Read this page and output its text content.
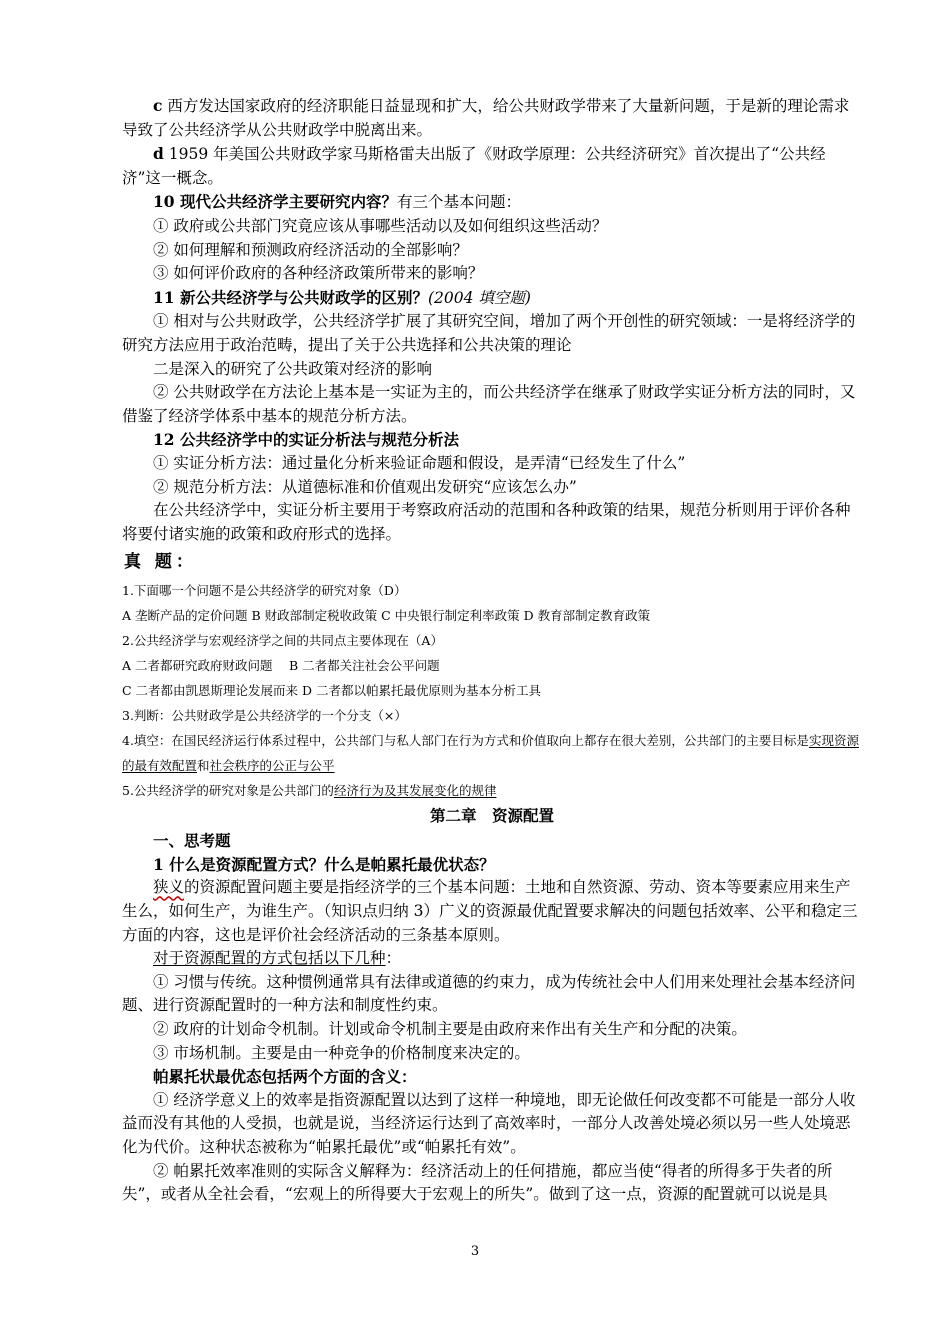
c 西方发达国家政府的经济职能日益显现和扩大，给公共财政学带来了大量新问题，于是新的理论需求导致了公共经济学从公共财政学中脱离出来。

d 1959 年美国公共财政学家马斯格雷夫出版了《财政学原理：公共经济研究》首次提出了“公共经济”这一概念。

10 现代公共经济学主要研究内容？有三个基本问题：

① 政府或公共部门究竟应该从事哪些活动以及如何组织这些活动？

② 如何理解和预测政府经济活动的全部影响？

③ 如何评价政府的各种经济政策所带来的影响？

11 新公共经济学与公共财政学的区别？(2004 填空题)

① 相对与公共财政学，公共经济学扩展了其研究空间，增加了两个开创性的研究领域：一是将经济学的研究方法应用于政治范畴，提出了关于公共选择和公共决策的理论

二是深入的研究了公共政策对经济的影响

② 公共财政学在方法论上基本是一实证为主的，而公共经济学在继承了财政学实证分析方法的同时，又借鉴了经济学体系中基本的规范分析方法。

12 公共经济学中的实证分析法与规范分析法

① 实证分析方法：通过量化分析来验证命题和假设，是弄清“已经发生了什么”

② 规范分析方法：从道德标准和价值观出发研究“应该怎么办”

在公共经济学中，实证分析主要用于考察政府活动的范围和各种政策的结果，规范分析则用于评价各种将要付诸实施的政策和政府形式的选择。

真 题：

1.下面哪一个问题不是公共经济学的研究对象（D）

A 垄断产品的定价问题 B 财政部制定税收政策 C 中央银行制定利率政策 D 教育部制定教育政策

2.公共经济学与宏观经济学之间的共同点主要体现在（A）

A 二者都研究政府财政问题　 B 二者都关注社会公平问题

C 二者都由凯恩斯理论发展而来 D 二者都以帕累托最优原则为基本分析工具

3.判断：公共财政学是公共经济学的一个分支（×）

4.填空：在国民经济运行体系过程中，公共部门与私人部门在行为方式和价值取向上都存在很大差别，公共部门的主要目标是实现资源的最有效配置和社会秩序的公正与公平

5.公共经济学的研究对象是公共部门的经济行为及其发展变化的规律

第二章　资源配置

一、思考题

1 什么是资源配置方式？什么是帕累托最优状态？

狭义的资源配置问题主要是指经济学的三个基本问题：土地和自然资源、劳动、资本等要素应用来生产生么，如何生产，为谁生产。（知识点归纳 3）广义的资源最优配置要求解决的问题包括效率、公平和稳定三方面的内容，这也是评价社会经济活动的三条基本原则。

对于资源配置的方式包括以下几种：

① 习惯与传统。这种惯例通常具有法律或道德的约束力，成为传统社会中人们用来处理社会基本经济问题、进行资源配置时的一种方法和制度性约束。

② 政府的计划命令机制。计划或命令机制主要是由政府来作出有关生产和分配的决策。

③ 市场机制。主要是由一种竞争的价格制度来决定的。

帕累托状最优态包括两个方面的含义：

① 经济学意义上的效率是指资源配置以达到了这样一种境地，即无论做任何改变都不可能是一部分人收益而没有其他的人受损，也就是说，当经济运行达到了高效率时，一部分人改善处境必须以另一些人处境恶化为代价。这种状态被称为“帕累托最优”或“帕累托有效”。

② 帕累托效率准则的实际含义解释为：经济活动上的任何措施，都应当使“得者的所得多于失者的所失”，或者从全社会看，“宏观上的所得要大于宏观上的所失”。做到了这一点，资源的配置就可以说是具

3
